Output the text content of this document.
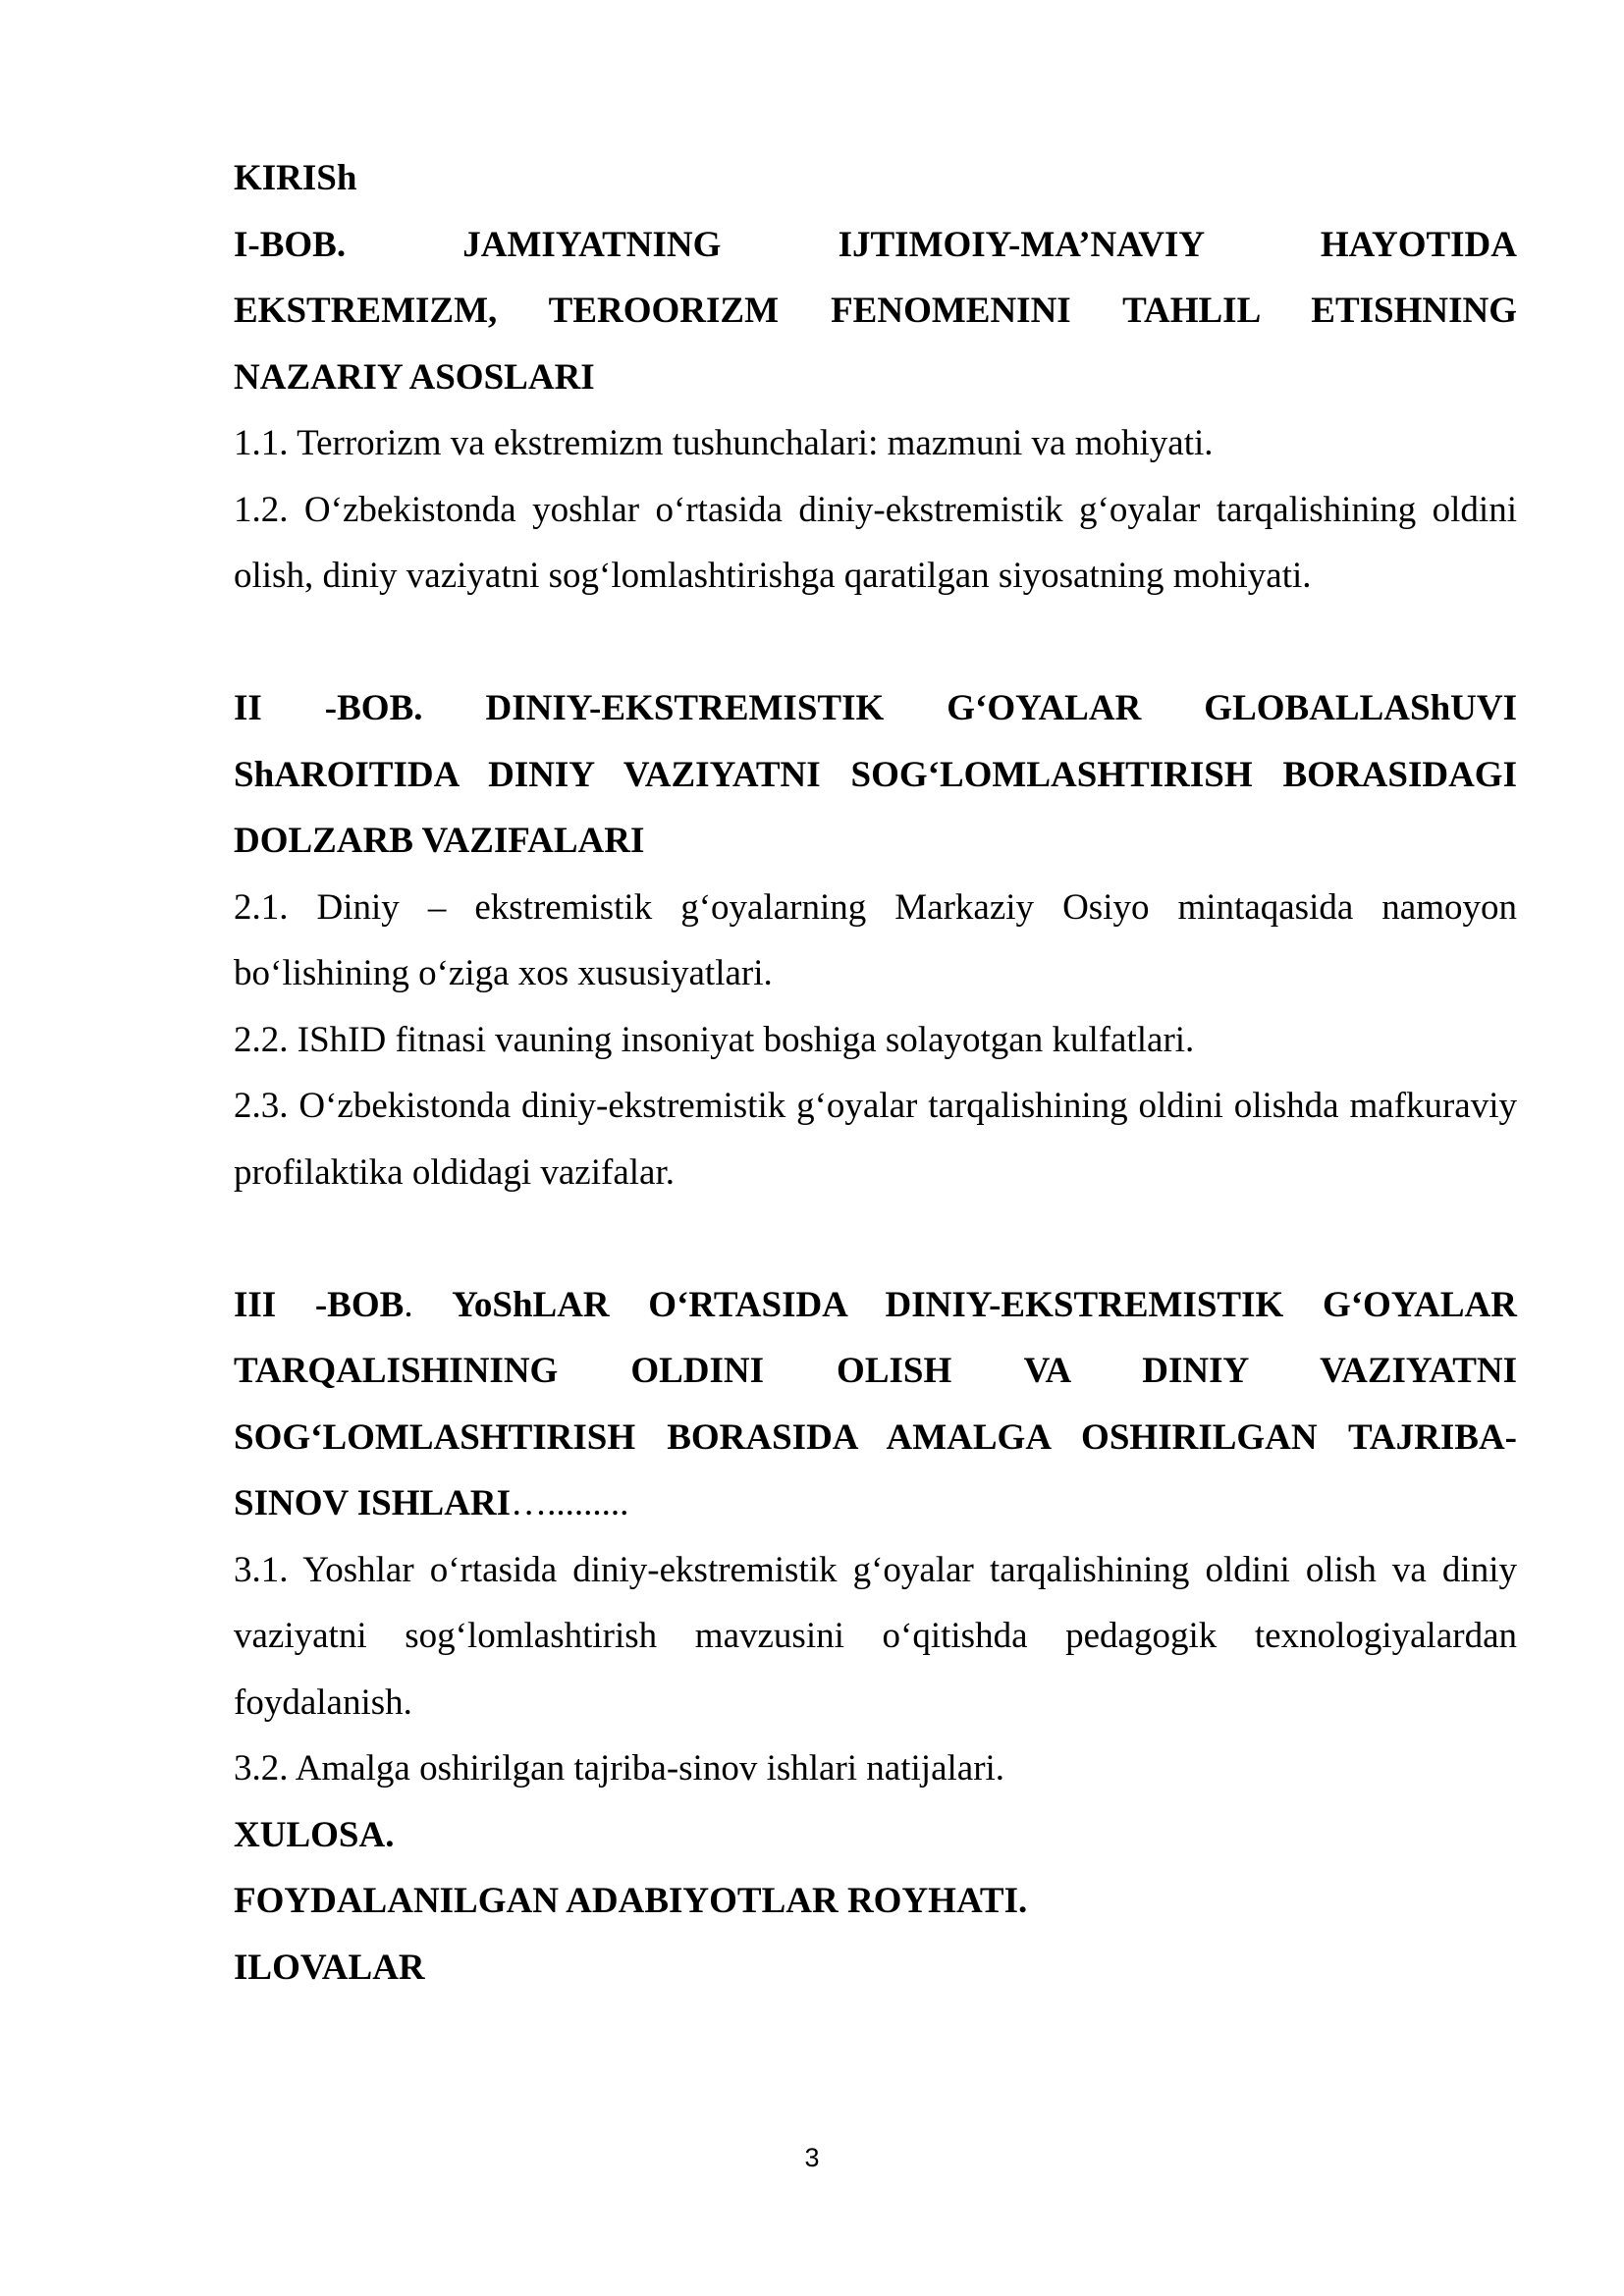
KIRISh

I-BOB. JAMIYATNING IJTIMOIY-MA’NAVIY HAYOTIDA

EKSTREMIZM, TEROORIZM FENOMENINI TAHLIL ETISHNING

NAZARIY ASOSLARI

1.1. Terrorizm va ekstremizm tushunchalari: mazmuni va mohiyati.

1.2. O‘zbekistonda yoshlar o‘rtasida diniy-ekstremistik g‘oyalar tarqalishining oldini olish, diniy vaziyatni sog‘lomlashtirishga qaratilgan siyosatning mohiyati.

II -BOB. DINIY-EKSTREMISTIK G‘OYALAR GLOBALLAShUVI

ShAROITIDA DINIY VAZIYATNI SOG‘LOMLASHTIRISH BORASIDAGI

DOLZARB VAZIFALARI

2.1. Diniy – ekstremistik g‘oyalarning Markaziy Osiyo mintaqasida namoyon bo‘lishining o‘ziga xos xususiyatlari.

2.2. IShID fitnasi vauning insoniyat boshiga solayotgan kulfatlari.

2.3. O‘zbekistonda diniy-ekstremistik g‘oyalar tarqalishining oldini olishda mafkuraviy profilaktika oldidagi vazifalar.

III -BOB. YoShLAR O‘RTASIDA DINIY-EKSTREMISTIK G‘OYALAR

TARQALISHINING OLDINI OLISH VA DINIY VAZIYATNI

SOG‘LOMLASHTIRISH BORASIDA AMALGA OSHIRILGAN TAJRIBA-

SINOV ISHLARI….........

3.1. Yoshlar o‘rtasida diniy-ekstremistik g‘oyalar tarqalishining oldini olish va diniy vaziyatni sog‘lomlashtirish mavzusini o‘qitishda pedagogik texnologiyalardan foydalanish.

3.2. Amalga oshirilgan tajriba-sinov ishlari natijalari.

XULOSA.

FOYDALANILGAN ADABIYOTLAR ROYHATI.

ILOVALAR

3
